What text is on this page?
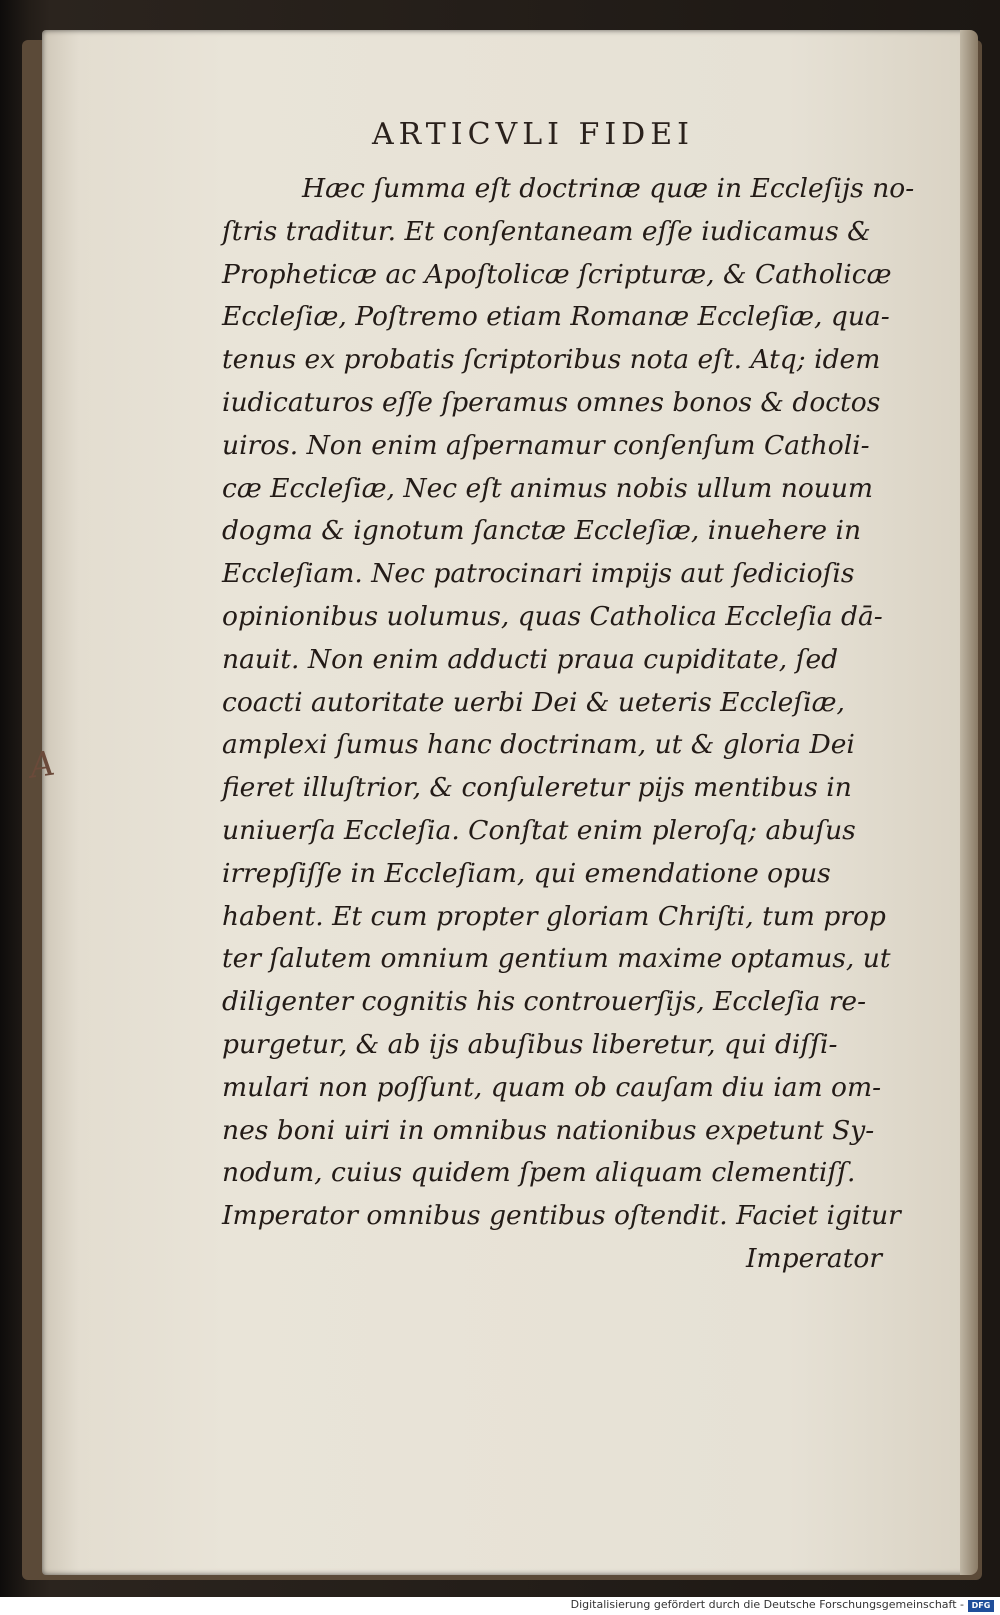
A
ARTICVLI FIDEI
Hæc ſumma eſt doctrinæ quæ in Eccleſijs no-
ſtris traditur. Et conſentaneam eſſe iudicamus &
Propheticæ ac Apoſtolicæ ſcripturæ, & Catholicæ
Eccleſiæ, Poſtremo etiam Romanæ Eccleſiæ, qua-
tenus ex probatis ſcriptoribus nota eſt. Atq; idem
iudicaturos eſſe ſperamus omnes bonos & doctos
uiros. Non enim aſpernamur conſenſum Catholi-
cæ Eccleſiæ, Nec eſt animus nobis ullum nouum
dogma & ignotum ſanctæ Eccleſiæ, inuehere in
Eccleſiam. Nec patrocinari impijs aut ſedicioſis
opinionibus uolumus, quas Catholica Eccleſia dā-
nauit. Non enim adducti praua cupiditate, ſed
coacti autoritate uerbi Dei & ueteris Eccleſiæ,
amplexi ſumus hanc doctrinam, ut & gloria Dei
fieret illuſtrior, & conſuleretur pijs mentibus in
uniuerſa Eccleſia. Conſtat enim pleroſq; abuſus
irrepſiſſe in Eccleſiam, qui emendatione opus
habent. Et cum propter gloriam Chriſti, tum prop
ter ſalutem omnium gentium maxime optamus, ut
diligenter cognitis his controuerſijs, Eccleſia re-
purgetur, & ab ijs abuſibus liberetur, qui diſſi-
mulari non poſſunt, quam ob cauſam diu iam om-
nes boni uiri in omnibus nationibus expetunt Sy-
nodum, cuius quidem ſpem aliquam clementiſſ.
Imperator omnibus gentibus oſtendit. Faciet igitur
Imperator
Digitalisierung gefördert durch die Deutsche Forschungsgemeinschaft - DFG
